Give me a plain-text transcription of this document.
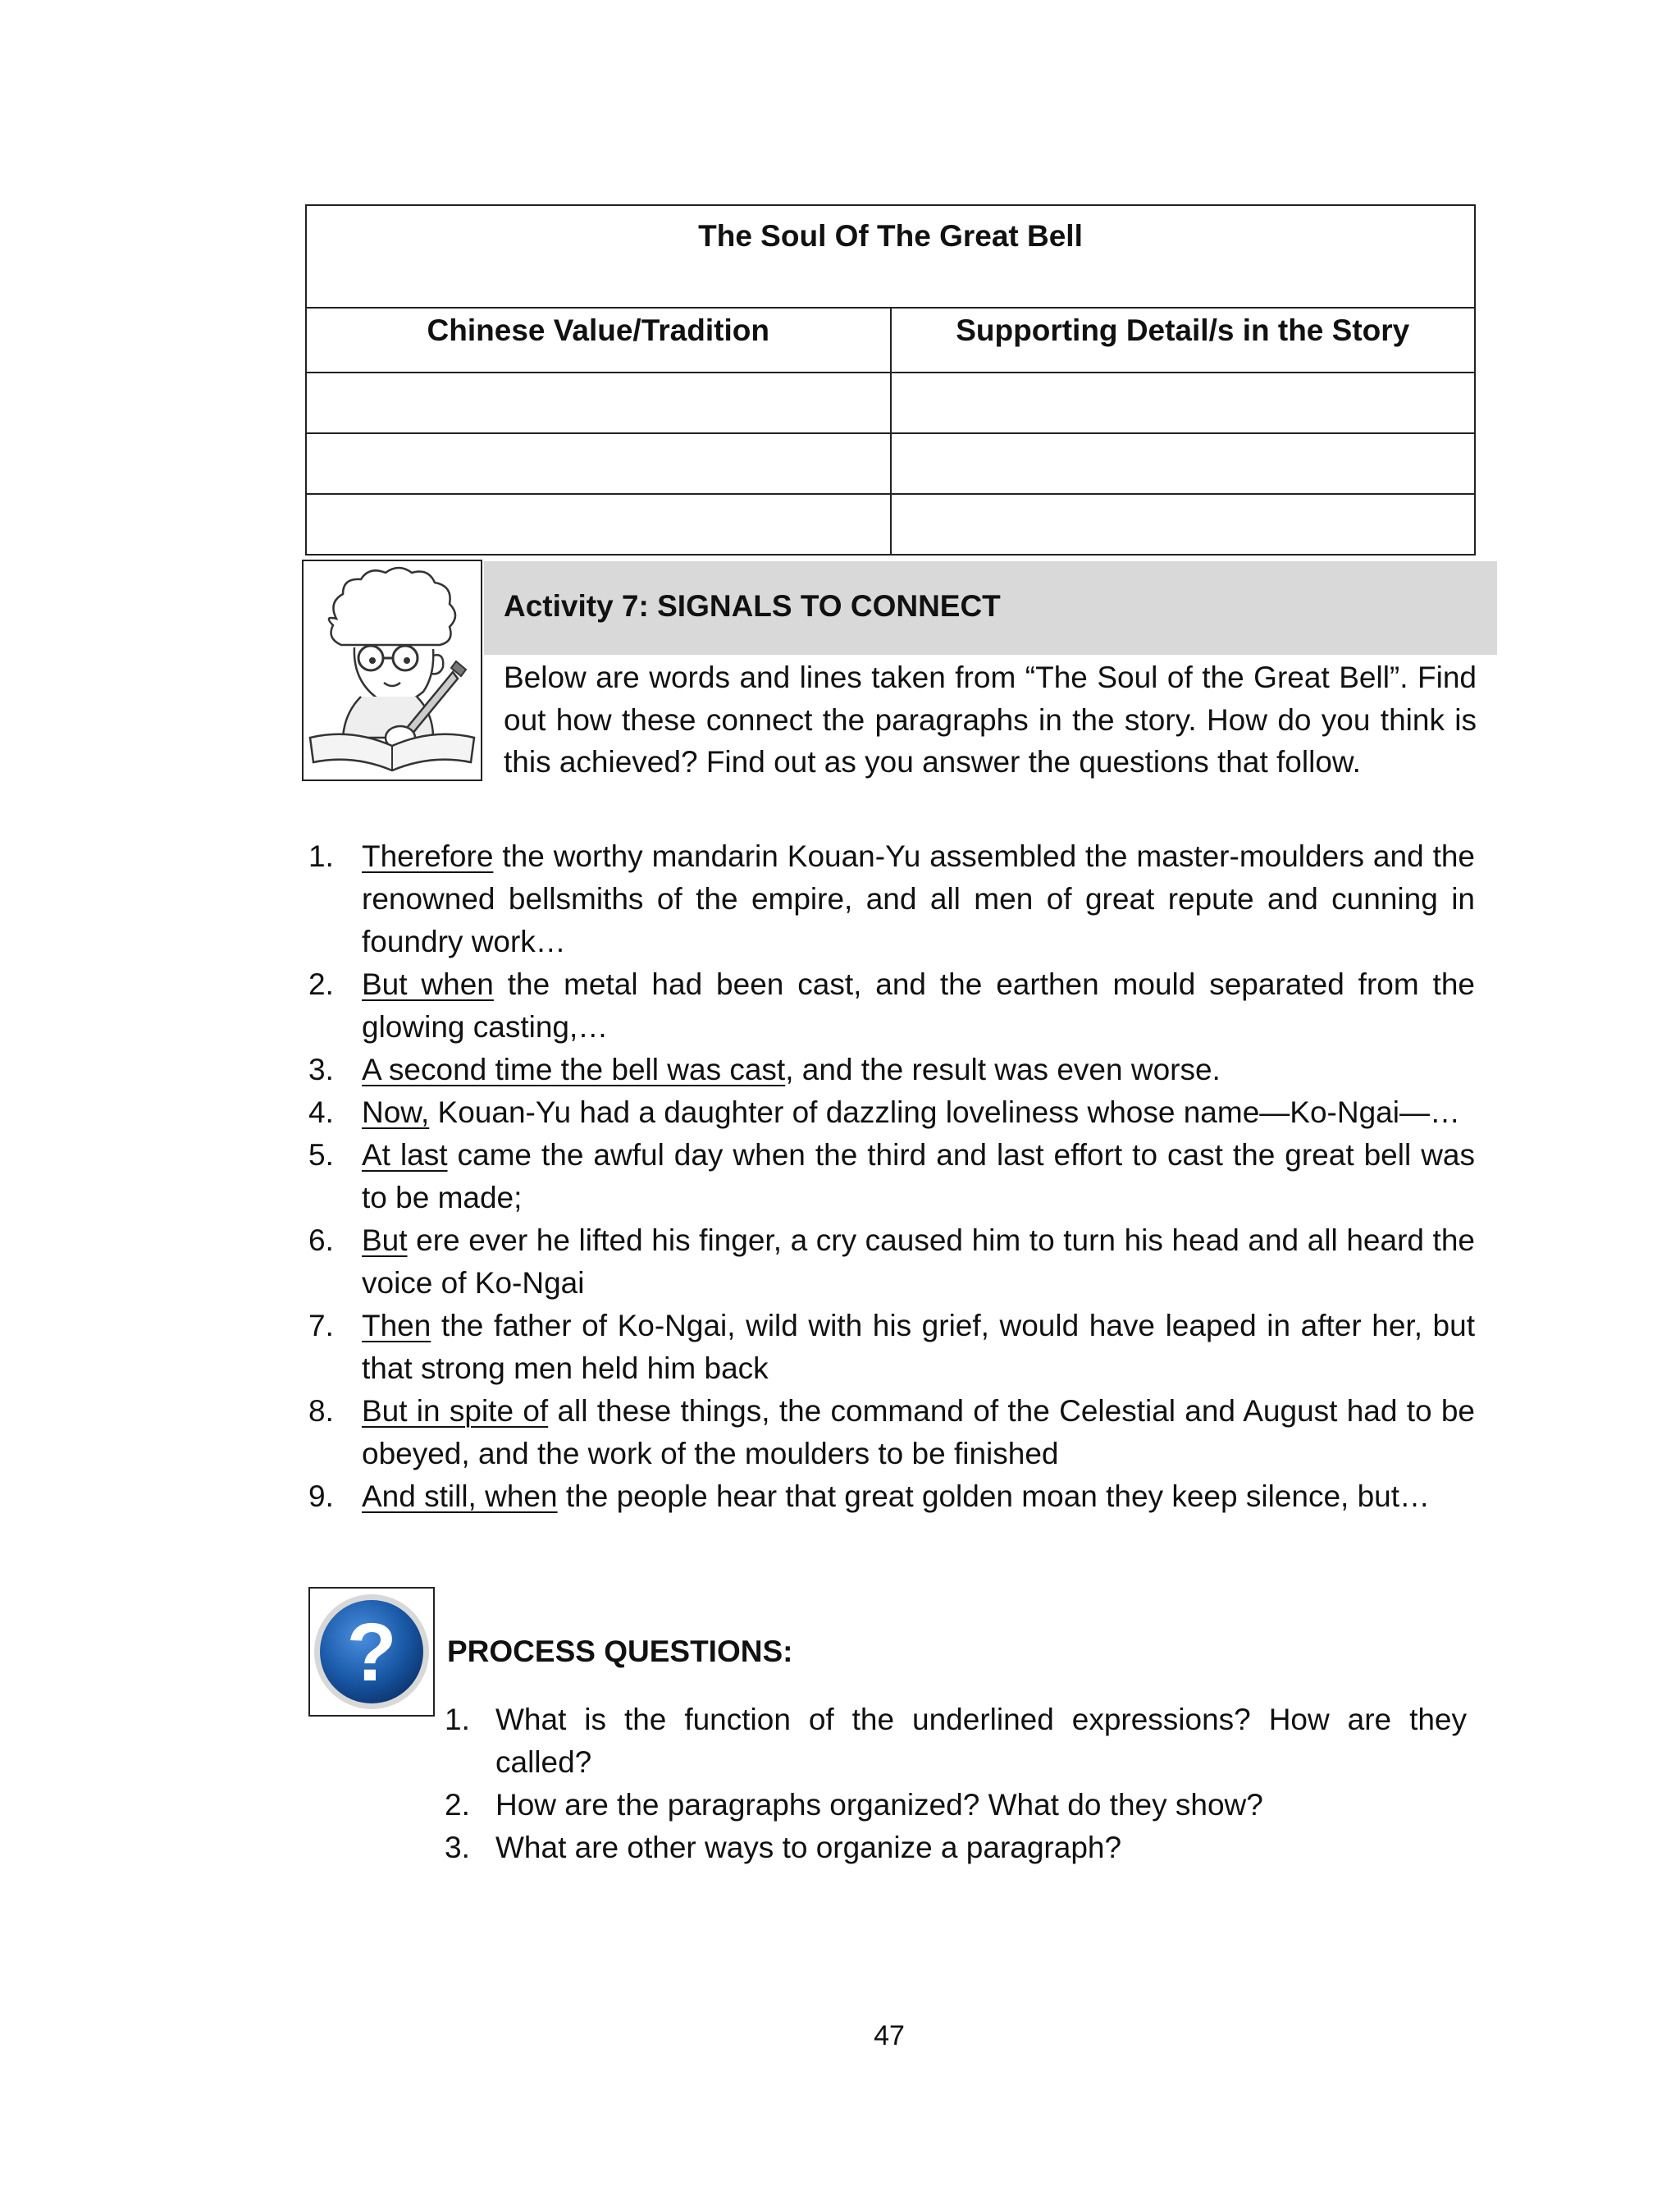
The Soul Of The Great Bell	
Chinese Value/Tradition	Supporting Detail/s in the Story

Activity 7: SIGNALS TO CONNECT
Below are words and lines taken from “The Soul of the Great Bell”. Find out how these connect the paragraphs in the story. How do you think is this achieved? Find out as you answer the questions that follow.
1. Therefore the worthy mandarin Kouan-Yu assembled the master-moulders and the renowned bellsmiths of the empire, and all men of great repute and cunning in foundry work…
2. But when the metal had been cast, and the earthen mould separated from the glowing casting,…
3. A second time the bell was cast, and the result was even worse.
4. Now, Kouan-Yu had a daughter of dazzling loveliness whose name—Ko-Ngai—…
5. At last came the awful day when the third and last effort to cast the great bell was to be made;
6. But ere ever he lifted his finger, a cry caused him to turn his head and all heard the voice of Ko-Ngai
7. Then the father of Ko-Ngai, wild with his grief, would have leaped in after her, but that strong men held him back
8. But in spite of all these things, the command of the Celestial and August had to be obeyed, and the work of the moulders to be finished
9. And still, when the people hear that great golden moan they keep silence, but…
? PROCESS QUESTIONS:
1. What is the function of the underlined expressions? How are they called?
2. How are the paragraphs organized? What do they show?
3. What are other ways to organize a paragraph?
47
